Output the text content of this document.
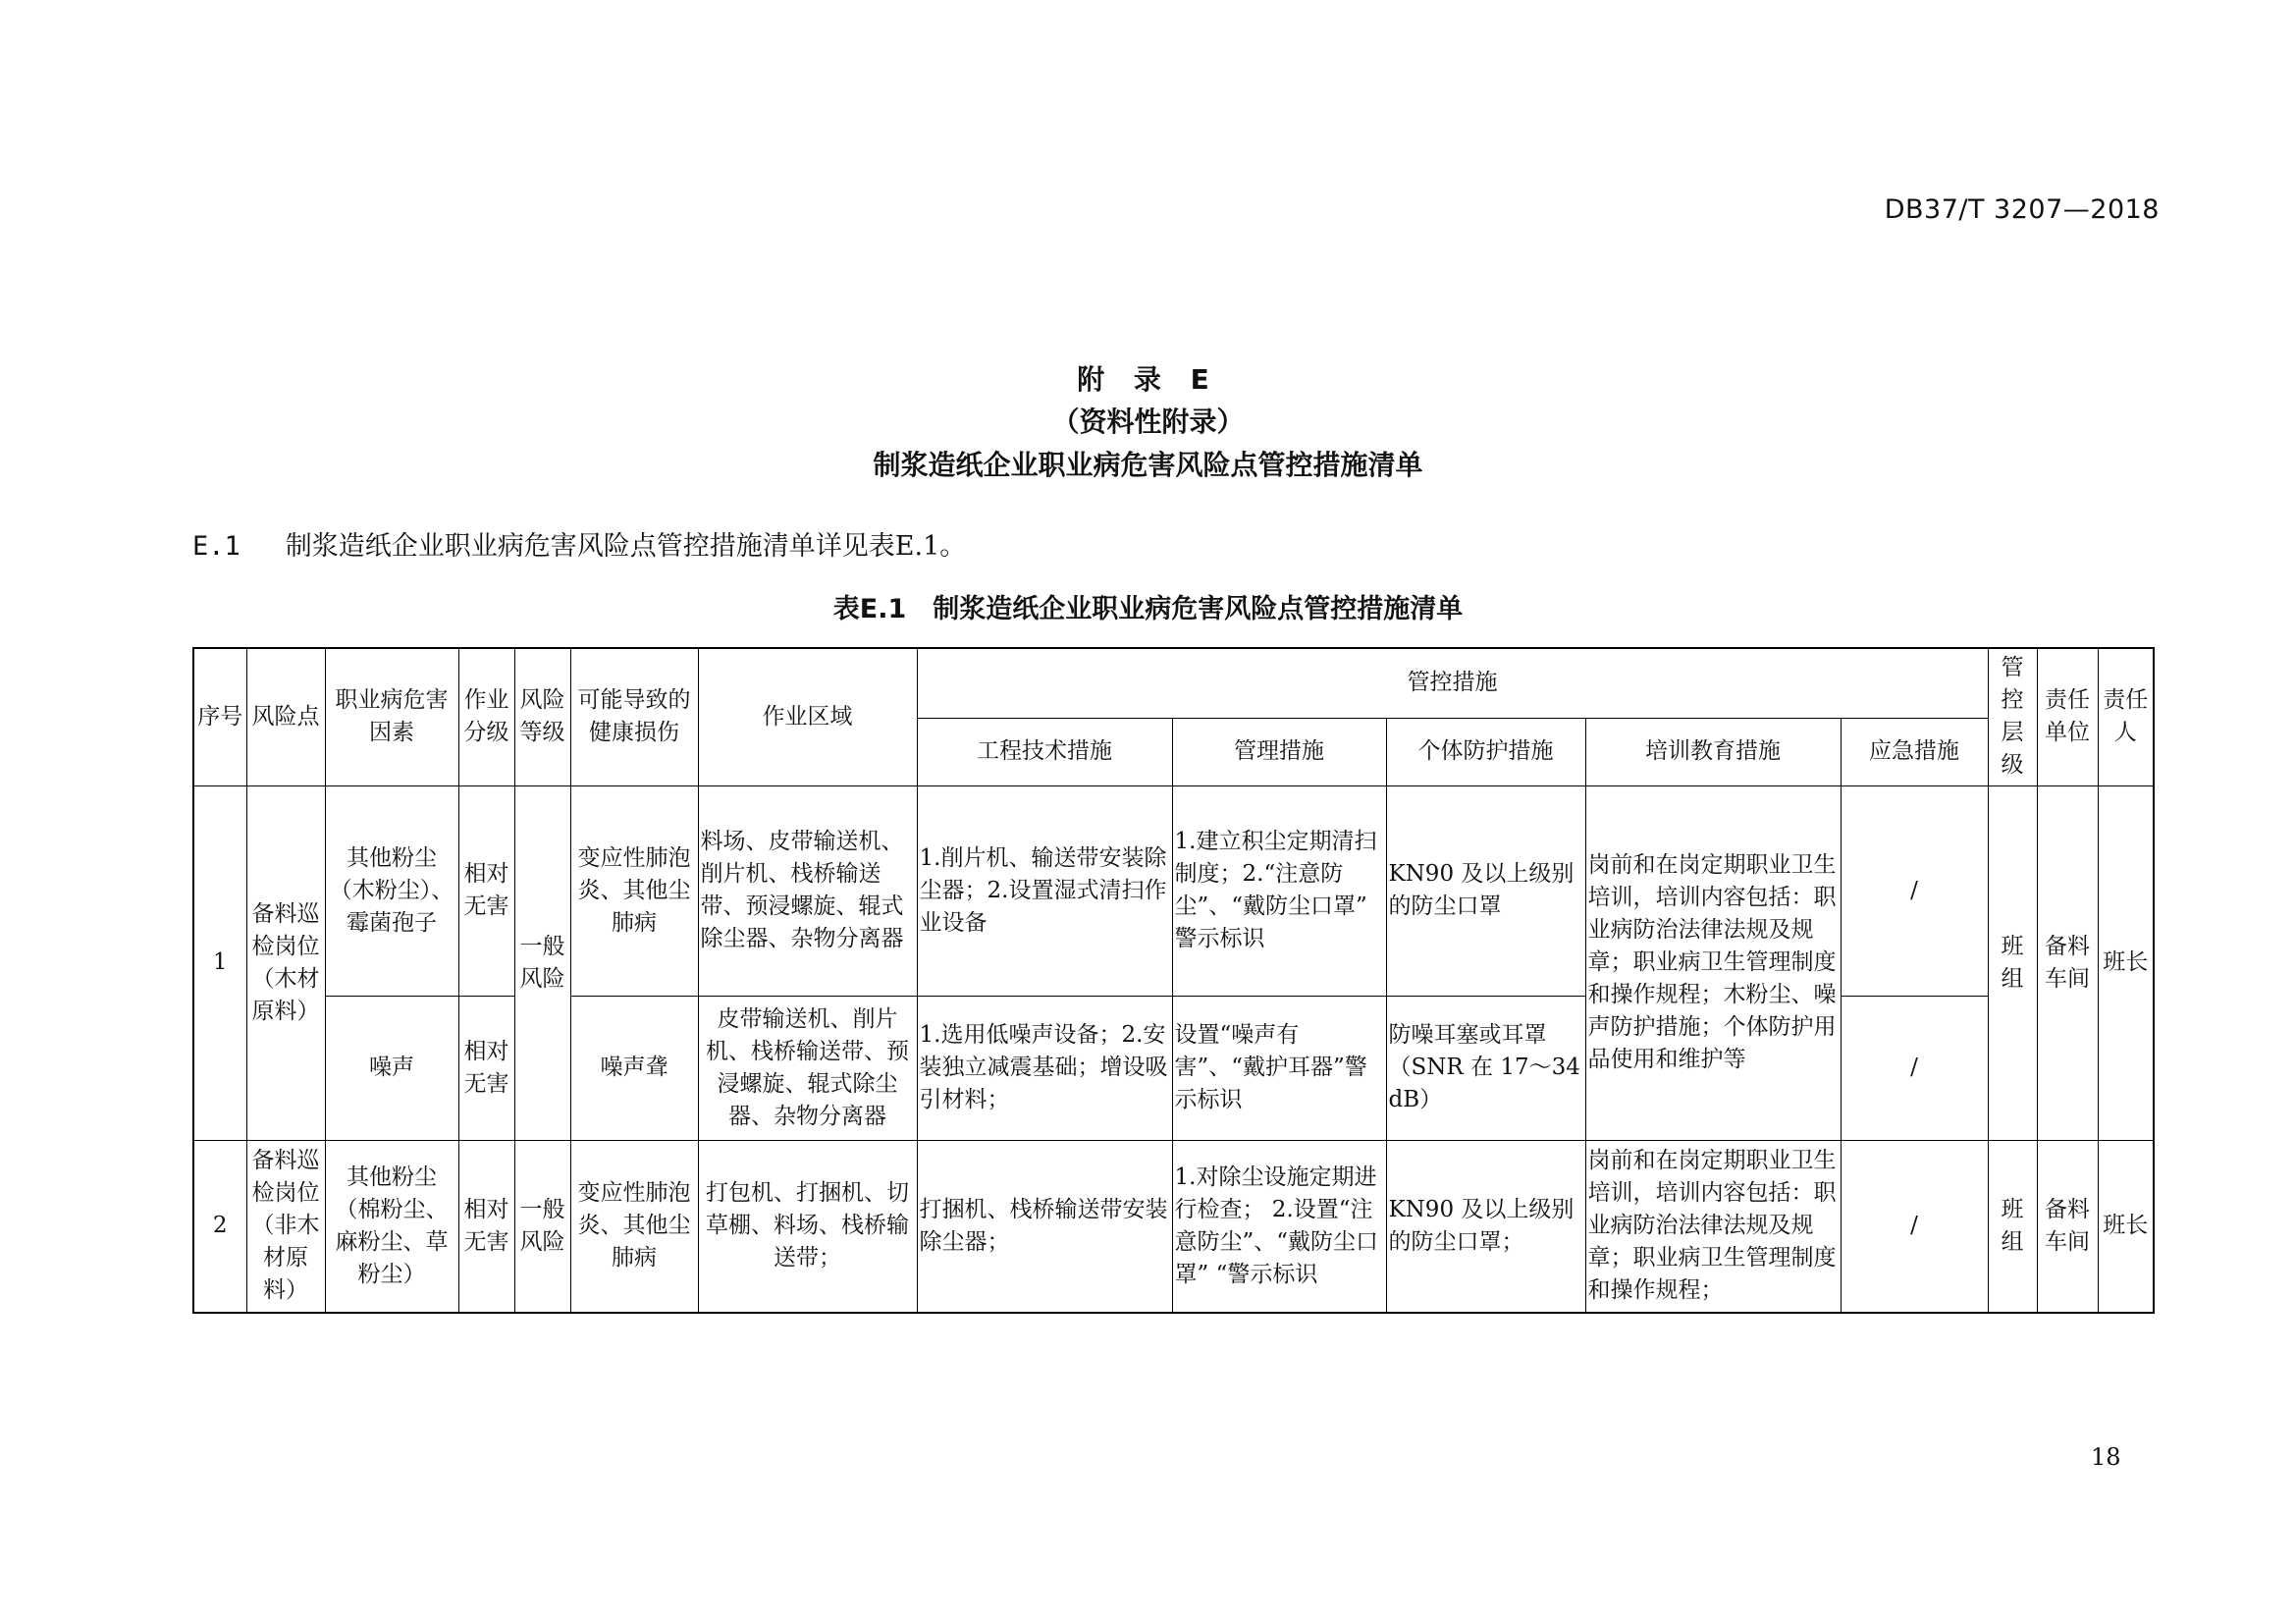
DB37/T 3207—2018
附 录 E
（资料性附录）
制浆造纸企业职业病危害风险点管控措施清单
E.1 制浆造纸企业职业病危害风险点管控措施清单详见表E.1。
表E.1　制浆造纸企业职业病危害风险点管控措施清单
序号	风险点	职业病危害因素	作业分级	风险等级	可能导致的健康损伤	作业区域	管控措施					管控层级	责任单位	责任人
							工程技术措施	管理措施	个体防护措施	培训教育措施	应急措施			
1	备料巡检岗位（木材原料）	其他粉尘（木粉尘）、霉菌孢子	相对无害	一般风险	变应性肺泡炎、其他尘肺病	料场、皮带输送机、削片机、栈桥输送带、预浸螺旋、辊式除尘器、杂物分离器	1.削片机、输送带安装除尘器；2.设置湿式清扫作业设备	1.建立积尘定期清扫制度；2.“注意防尘”、“戴防尘口罩” 警示标识	KN90 及以上级别的防尘口罩	岗前和在岗定期职业卫生培训，培训内容包括：职业病防治法律法规及规章；职业病卫生管理制度和操作规程；木粉尘、噪声防护措施；个体防护用品使用和维护等	/	班组	备料车间	班长
		噪声	相对无害		噪声聋	皮带输送机、削片机、栈桥输送带、预浸螺旋、辊式除尘器、杂物分离器	1.选用低噪声设备；2.安装独立减震基础；增设吸引材料；	设置“噪声有害”、“戴护耳器”警示标识	防噪耳塞或耳罩（SNR 在 17～34dB）		/			
2	备料巡检岗位（非木材原料）	其他粉尘（棉粉尘、麻粉尘、草粉尘）	相对无害	一般风险	变应性肺泡炎、其他尘肺病	打包机、打捆机、切草棚、料场、栈桥输送带；	打捆机、栈桥输送带安装除尘器；	1.对除尘设施定期进行检查； 2.设置“注意防尘”、“戴防尘口罩” “警示标识	KN90 及以上级别的防尘口罩；	岗前和在岗定期职业卫生培训，培训内容包括：职业病防治法律法规及规章；职业病卫生管理制度和操作规程；	/	班组	备料车间	班长
18
